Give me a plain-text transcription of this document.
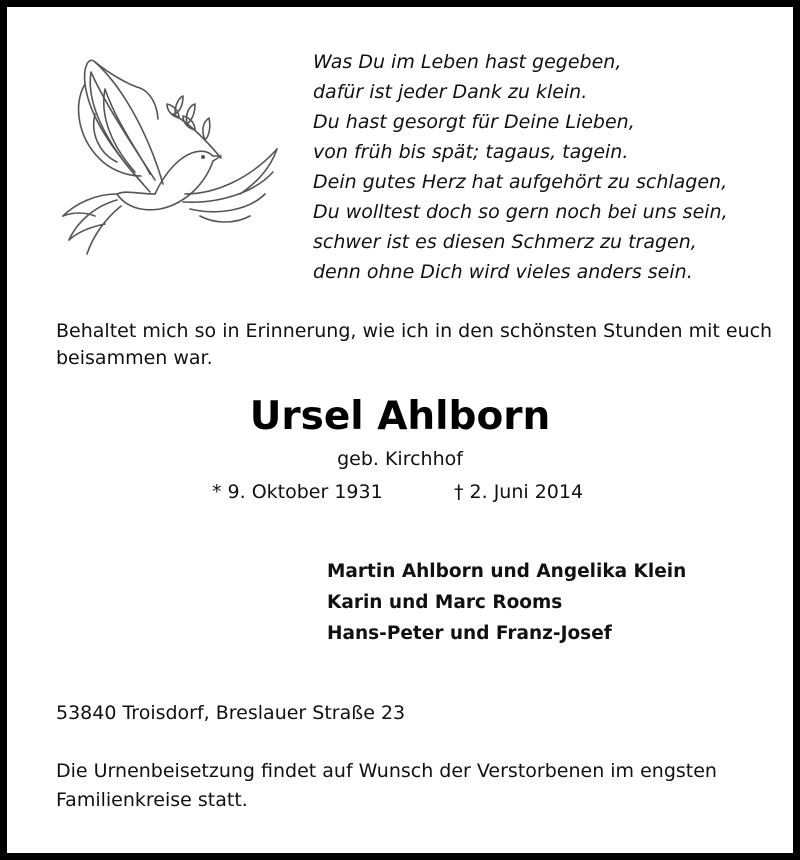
Was Du im Leben hast gegeben,
dafür ist jeder Dank zu klein.
Du hast gesorgt für Deine Lieben,
von früh bis spät; tagaus, tagein.
Dein gutes Herz hat aufgehört zu schlagen,
Du wolltest doch so gern noch bei uns sein,
schwer ist es diesen Schmerz zu tragen,
denn ohne Dich wird vieles anders sein.
Behaltet mich so in Erinnerung, wie ich in den schönsten Stunden mit euch beisammen war.
Ursel Ahlborn
geb. Kirchhof
* 9. Oktober 1931	† 2. Juni 2014
Martin Ahlborn und Angelika Klein
Karin und Marc Rooms
Hans-Peter und Franz-Josef
53840 Troisdorf, Breslauer Straße 23
Die Urnenbeisetzung findet auf Wunsch der Verstorbenen im engsten Familienkreise statt.
